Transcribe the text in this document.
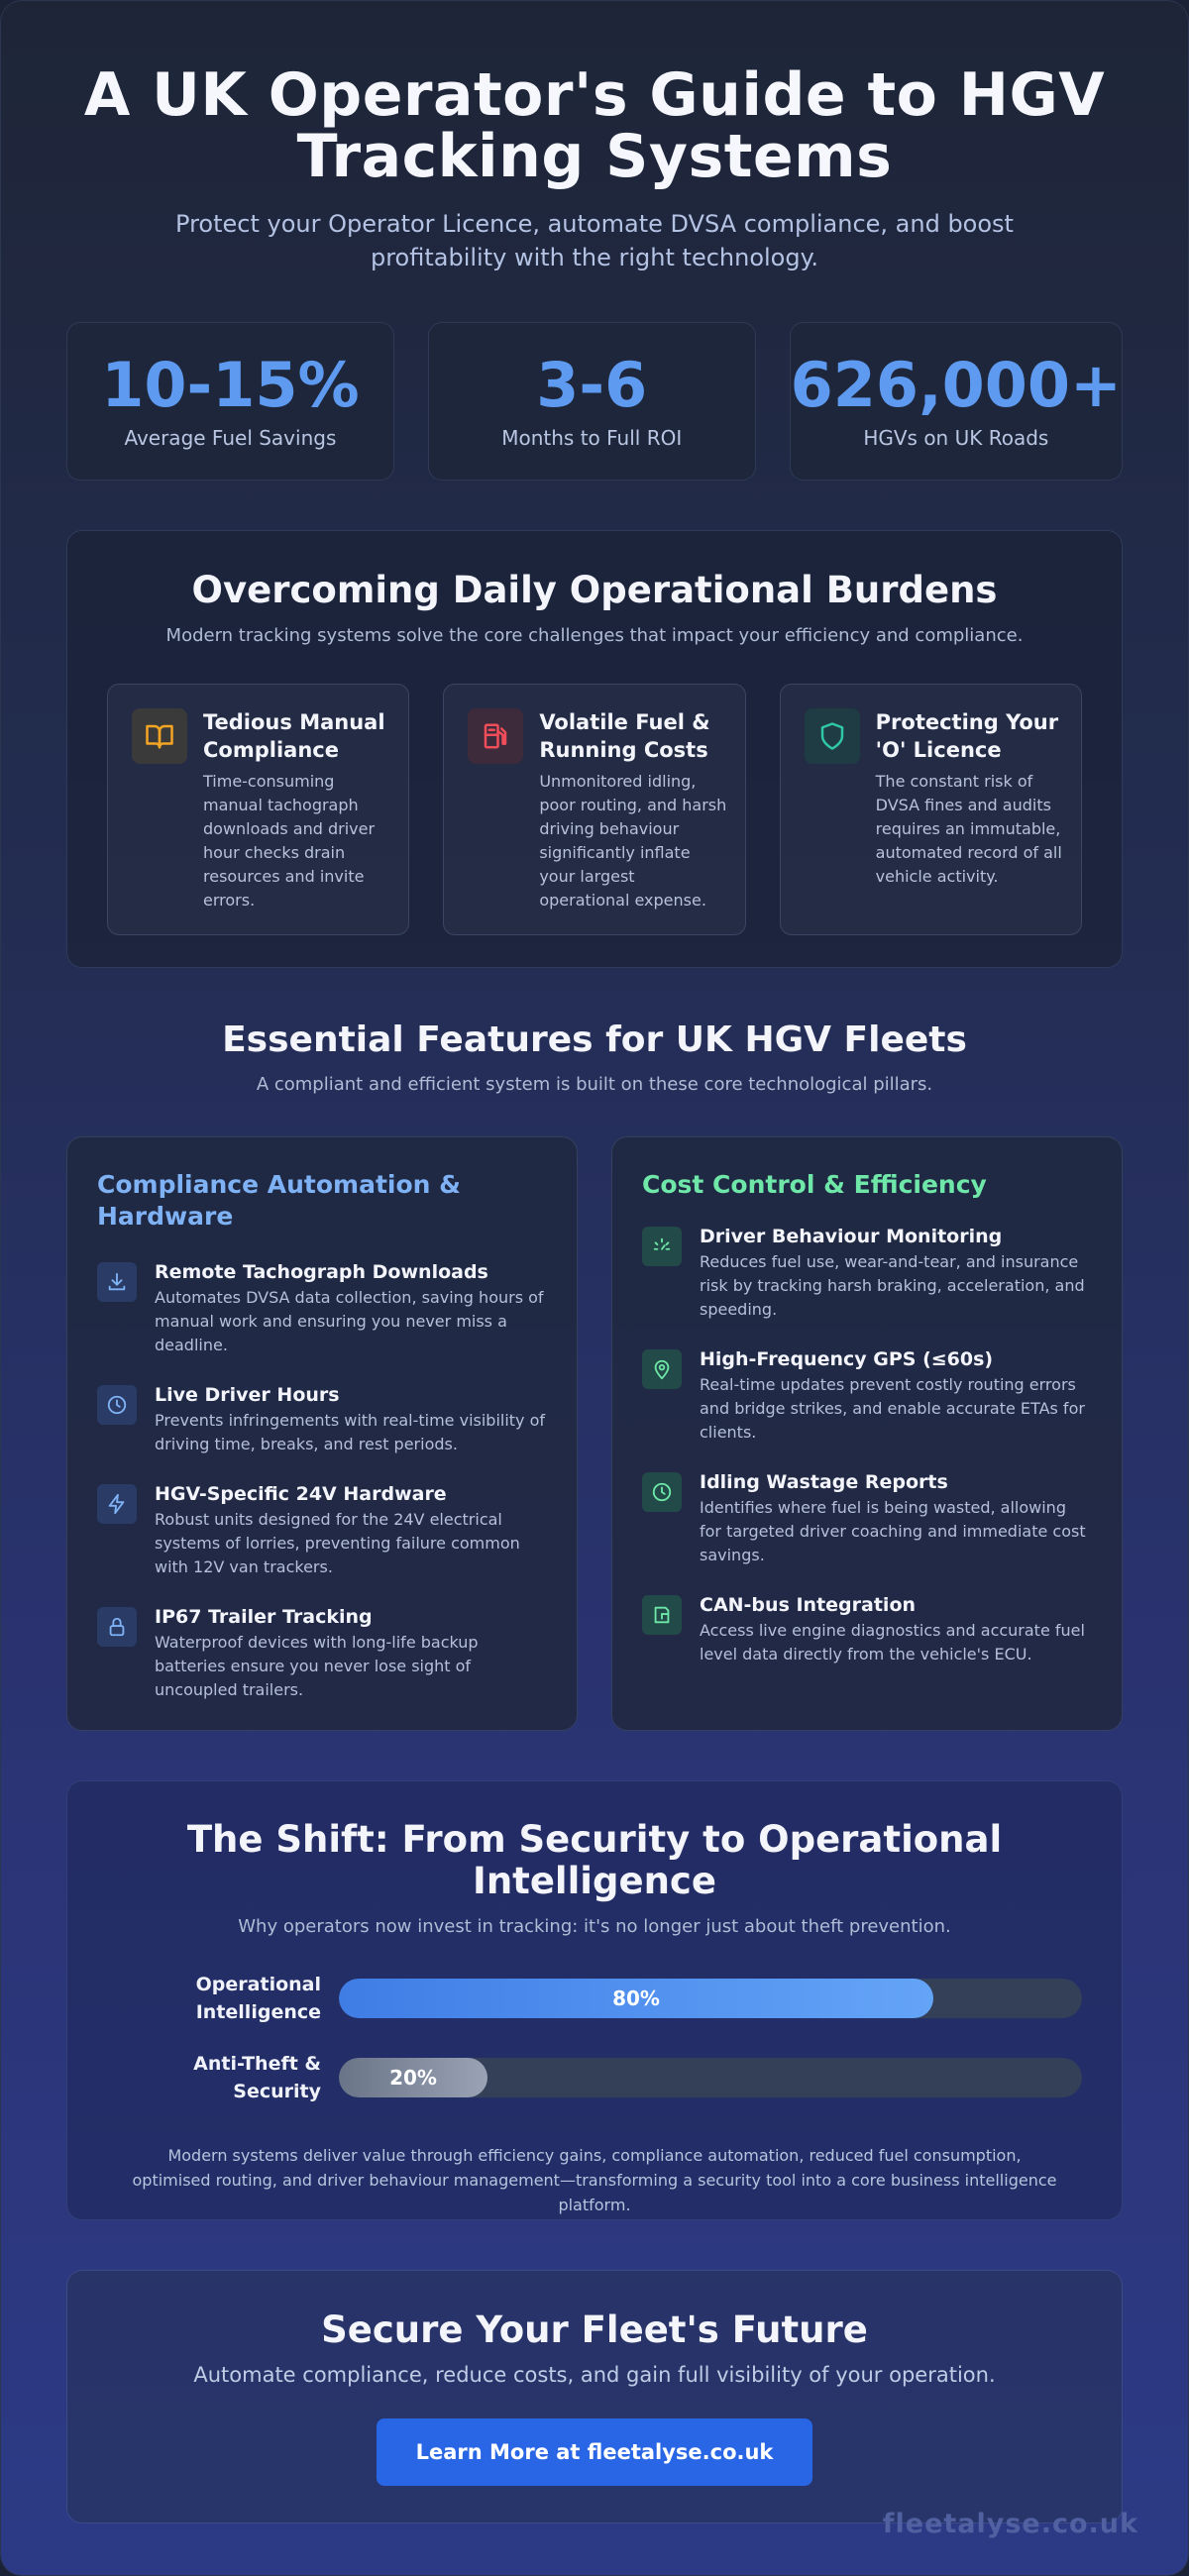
A UK Operator's Guide to HGV
Tracking Systems

Protect your Operator Licence, automate DVSA compliance, and boost profitability with the right technology.

10-15%
Average Fuel Savings
3-6
Months to Full ROI
626,000+
HGVs on UK Roads
Overcoming Daily Operational Burdens

Modern tracking systems solve the core challenges that impact your efficiency and compliance.

Tedious Manual Compliance

Time-consuming manual tachograph downloads and driver hour checks drain resources and invite errors.

Volatile Fuel & Running Costs

Unmonitored idling, poor routing, and harsh driving behaviour significantly inflate your largest operational expense.

Protecting Your 'O' Licence

The constant risk of DVSA fines and audits requires an immutable, automated record of all vehicle activity.

Essential Features for UK HGV Fleets

A compliant and efficient system is built on these core technological pillars.

Compliance Automation & Hardware
Remote Tachograph Downloads

Automates DVSA data collection, saving hours of manual work and ensuring you never miss a deadline.

Live Driver Hours

Prevents infringements with real-time visibility of driving time, breaks, and rest periods.

HGV-Specific 24V Hardware

Robust units designed for the 24V electrical systems of lorries, preventing failure common with 12V van trackers.

IP67 Trailer Tracking

Waterproof devices with long-life backup batteries ensure you never lose sight of uncoupled trailers.

Cost Control & Efficiency
Driver Behaviour Monitoring

Reduces fuel use, wear-and-tear, and insurance risk by tracking harsh braking, acceleration, and speeding.

High-Frequency GPS (≤60s)

Real-time updates prevent costly routing errors and bridge strikes, and enable accurate ETAs for clients.

Idling Wastage Reports

Identifies where fuel is being wasted, allowing for targeted driver coaching and immediate cost savings.

CAN-bus Integration

Access live engine diagnostics and accurate fuel level data directly from the vehicle's ECU.

The Shift: From Security to Operational
Intelligence

Why operators now invest in tracking: it's no longer just about theft prevention.

Operational
Intelligence
80%
Anti-Theft & Security
20%

Modern systems deliver value through efficiency gains, compliance automation, reduced fuel consumption, optimised routing, and driver behaviour management—transforming a security tool into a core business intelligence platform.

Secure Your Fleet's Future

Automate compliance, reduce costs, and gain full visibility of your operation.

Learn More at fleetalyse.co.uk
fleetalyse.co.uk
